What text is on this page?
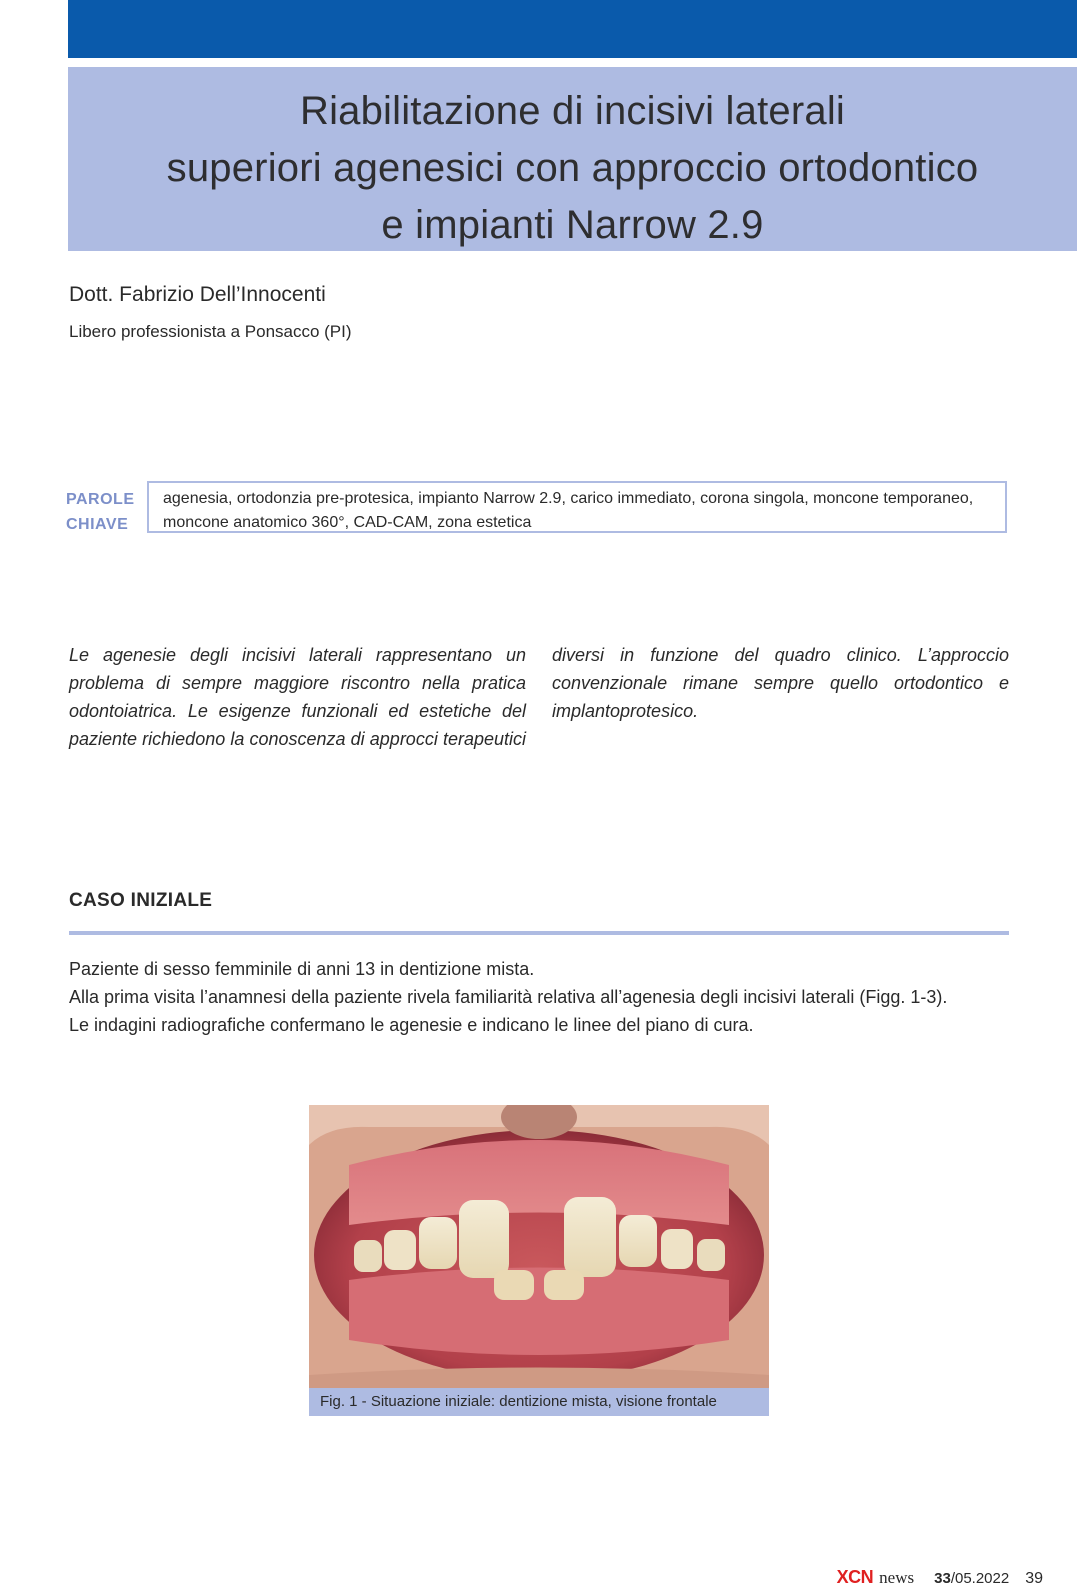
Riabilitazione di incisivi laterali
superiori agenesici con approccio ortodontico
e impianti Narrow 2.9
Dott. Fabrizio Dell’Innocenti
Libero professionista a Ponsacco (PI)
PAROLE
CHIAVE
agenesia, ortodonzia pre-protesica, impianto Narrow 2.9, carico immediato, corona singola, moncone temporaneo, moncone anatomico 360°, CAD-CAM, zona estetica
Le agenesie degli incisivi laterali rappresentano un problema di sempre maggiore riscontro nella pratica odontoiatrica. Le esigenze funzionali ed estetiche del paziente richiedono la conoscenza di approcci terapeutici diversi in funzione del quadro clinico. L’approccio convenzionale rimane sempre quello ortodontico e implantoprotesico.
CASO INIZIALE

Paziente di sesso femminile di anni 13 in dentizione mista.

Alla prima visita l’anamnesi della paziente rivela familiarità relativa all’agenesia degli incisivi laterali (Figg. 1-3).

Le indagini radiografiche confermano le agenesie e indicano le linee del piano di cura.

Fig. 1 - Situazione iniziale: dentizione mista, visione frontale
XCN news 33/05.2022 39
